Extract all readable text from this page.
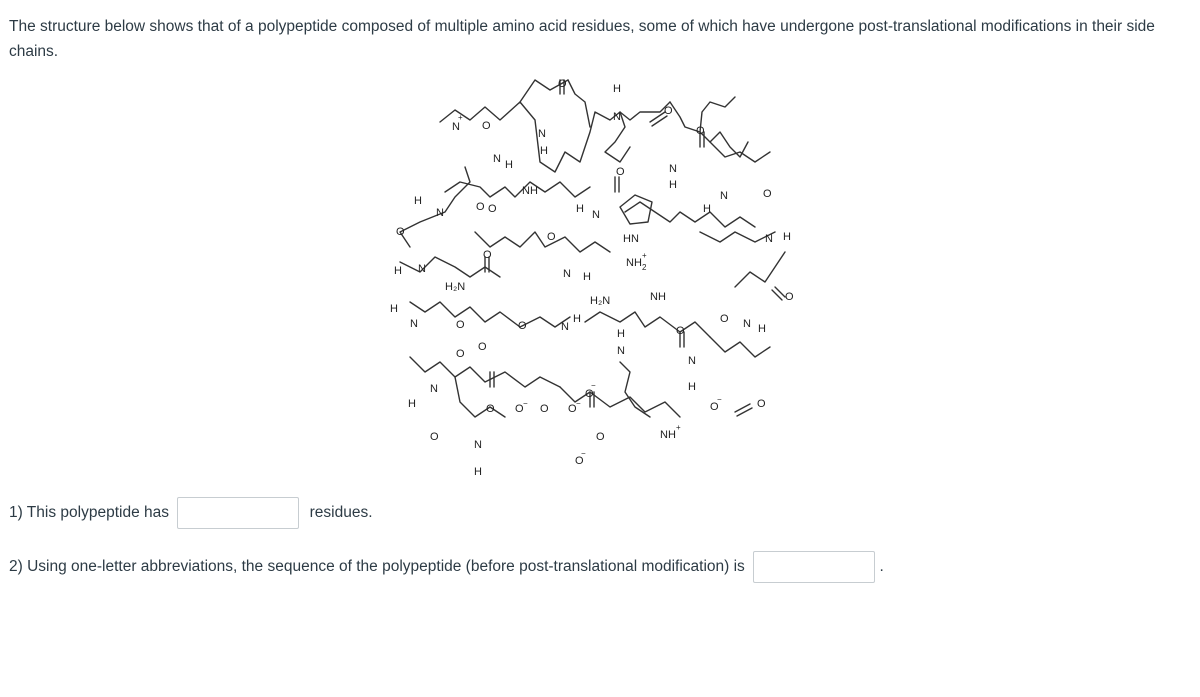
The structure below shows that of a polypeptide composed of multiple amino acid residues, some of which have undergone post-translational modifications in their side chains.
N
+
O
N
H
O	H
N	O
O
N H
NH
O
O
H
N	H N
O	N
H
H
N	O
HN
O	O
NH 2
+
N H
H N
H₂N
O
N H
H₂N	NH	O
H
N	O	O	N
H
H
N
O
O N H
O
O
N
H
H
N
O O − O O −
O
−
O
−	O
O
N
H
O
O
−
NH
+
1) This polypeptide has	residues.
2) Using one-letter abbreviations, the sequence of the polypeptide (before post-translational modification) is	.
